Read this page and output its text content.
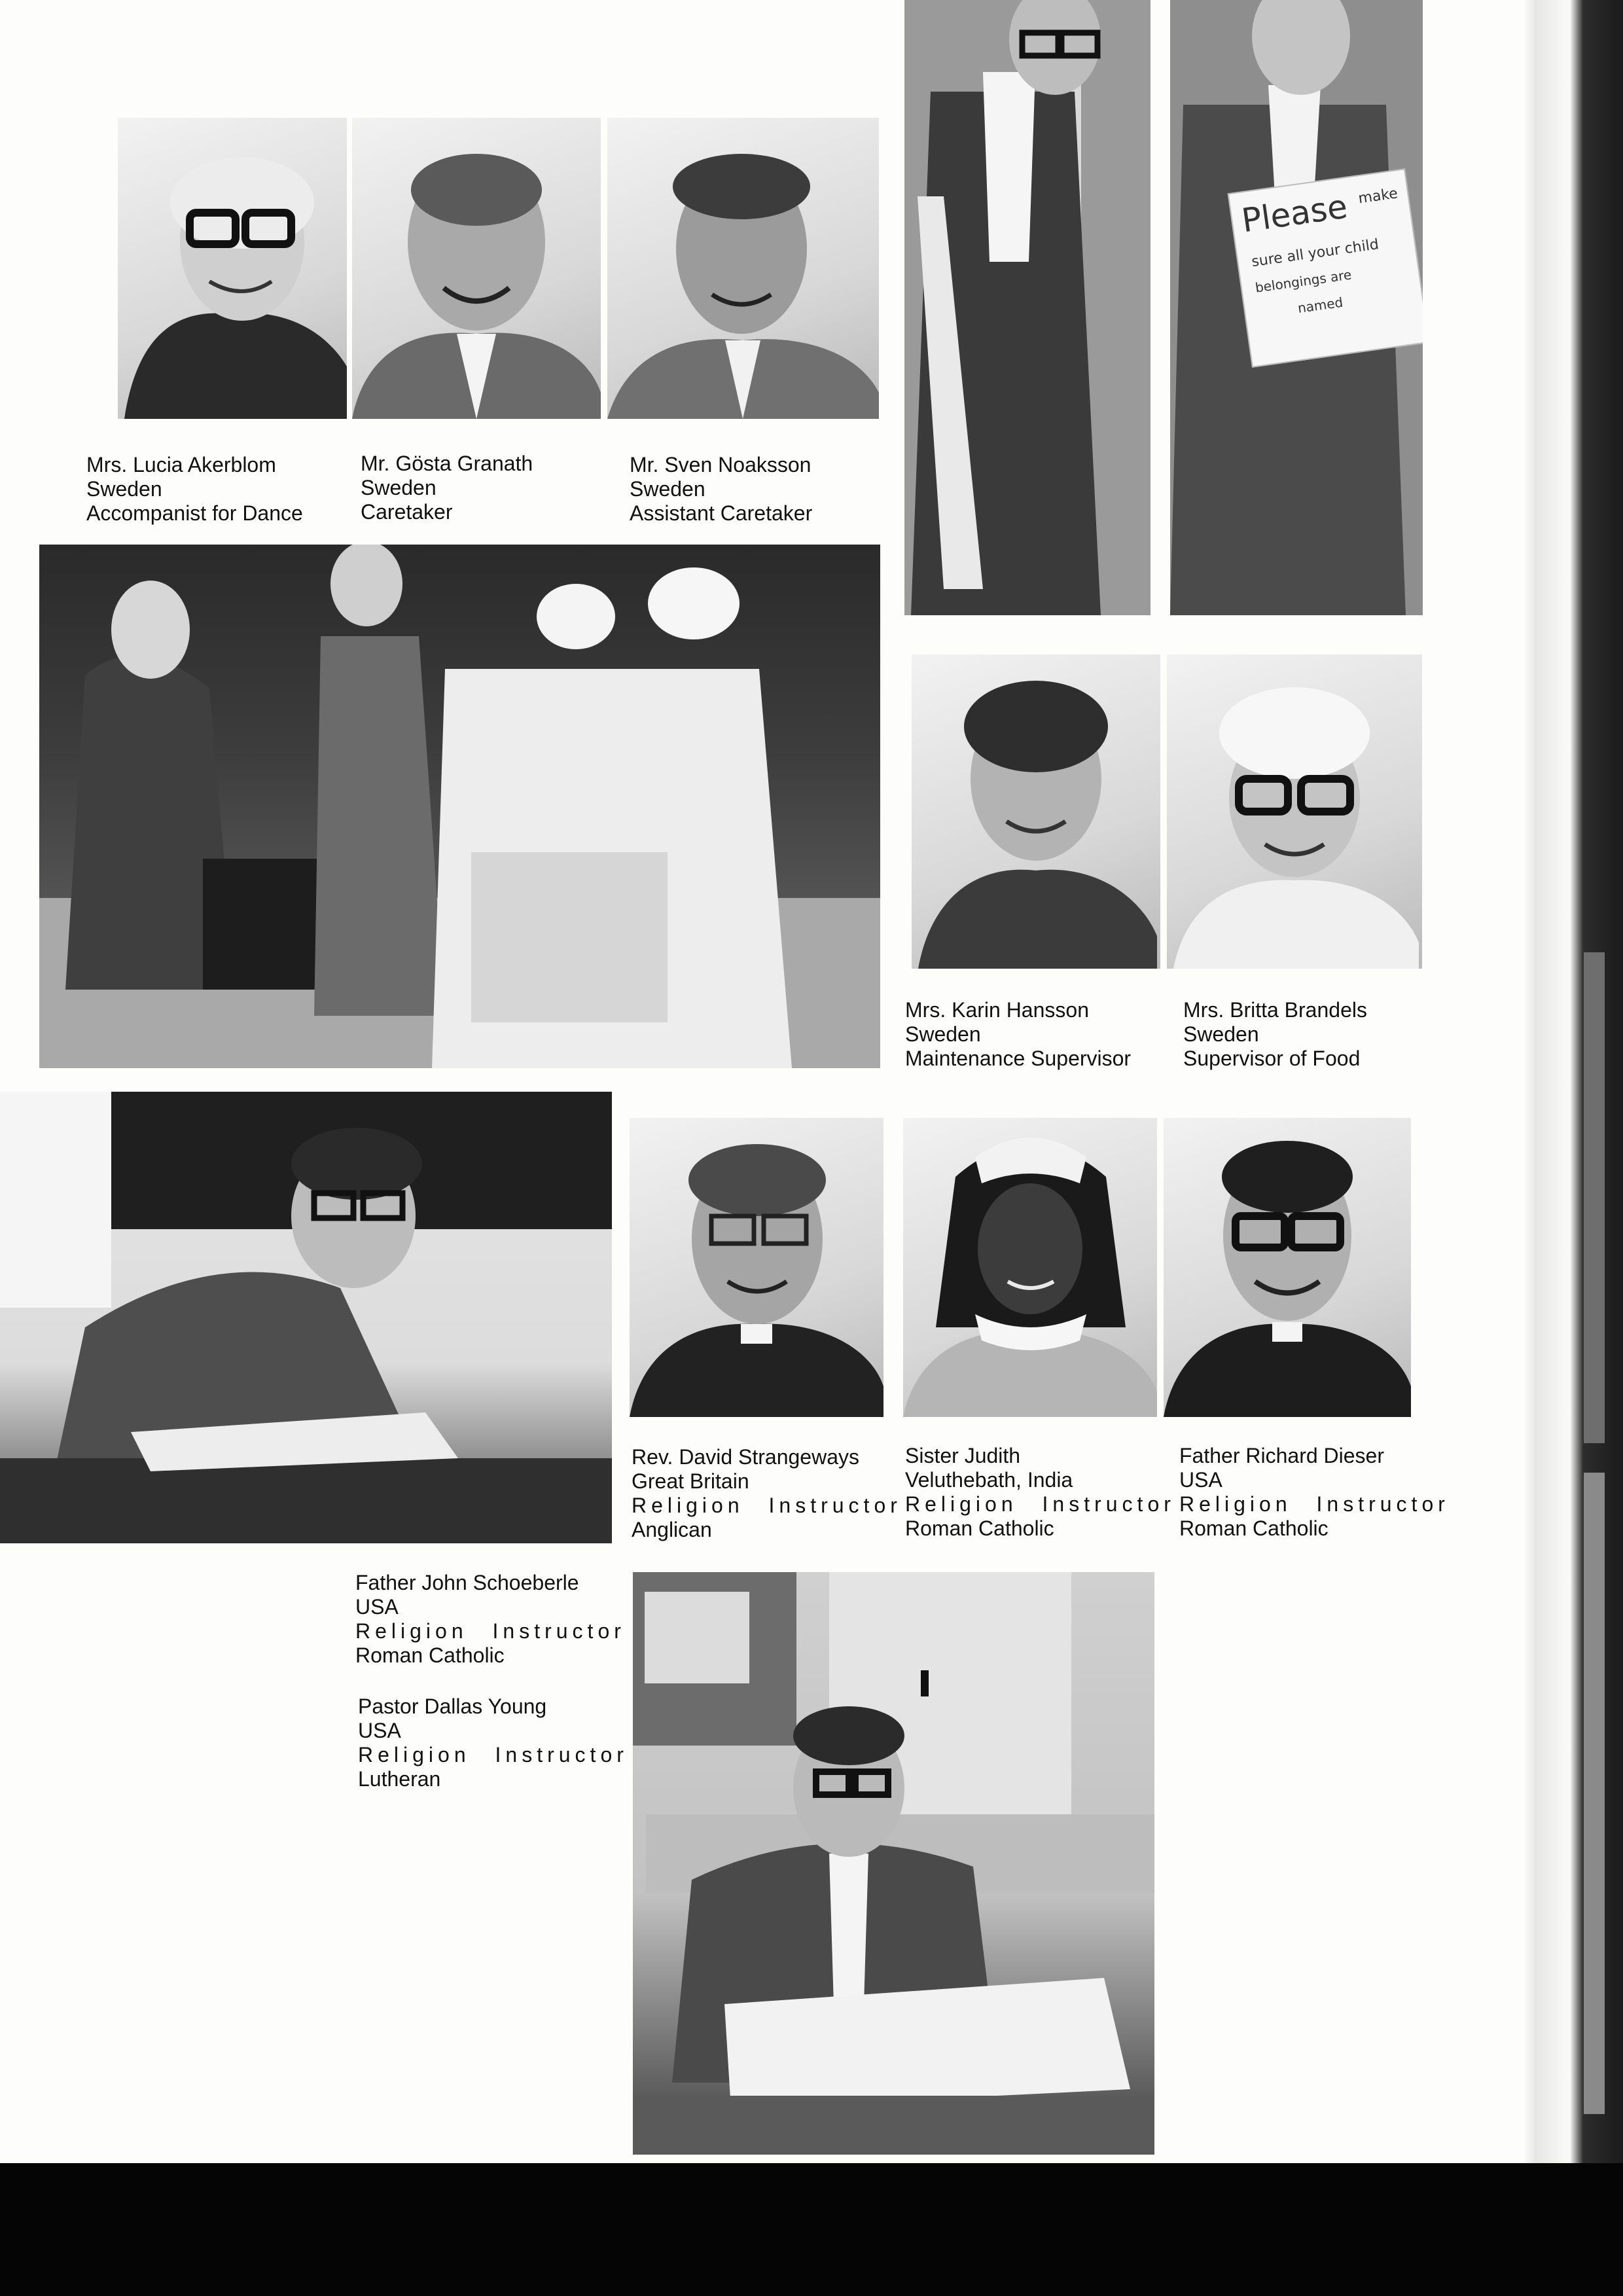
Mrs. Lucia Akerblom
Sweden
Accompanist for Dance
Mr. Gösta Granath
Sweden
Caretaker
Mr. Sven Noaksson
Sweden
Assistant Caretaker
Please make
sure all your child
belongings are
named
Mrs. Karin Hansson
Sweden
Maintenance Supervisor
Mrs. Britta Brandels
Sweden
Supervisor of Food
Rev. David Strangeways
Great Britain
Religion Instructor
Anglican
Sister Judith
Veluthebath, India
Religion Instructor
Roman Catholic
Father Richard Dieser
USA
Religion Instructor
Roman Catholic
Father John Schoeberle
USA
Religion Instructor
Roman Catholic
Pastor Dallas Young
USA
Religion Instructor
Lutheran
